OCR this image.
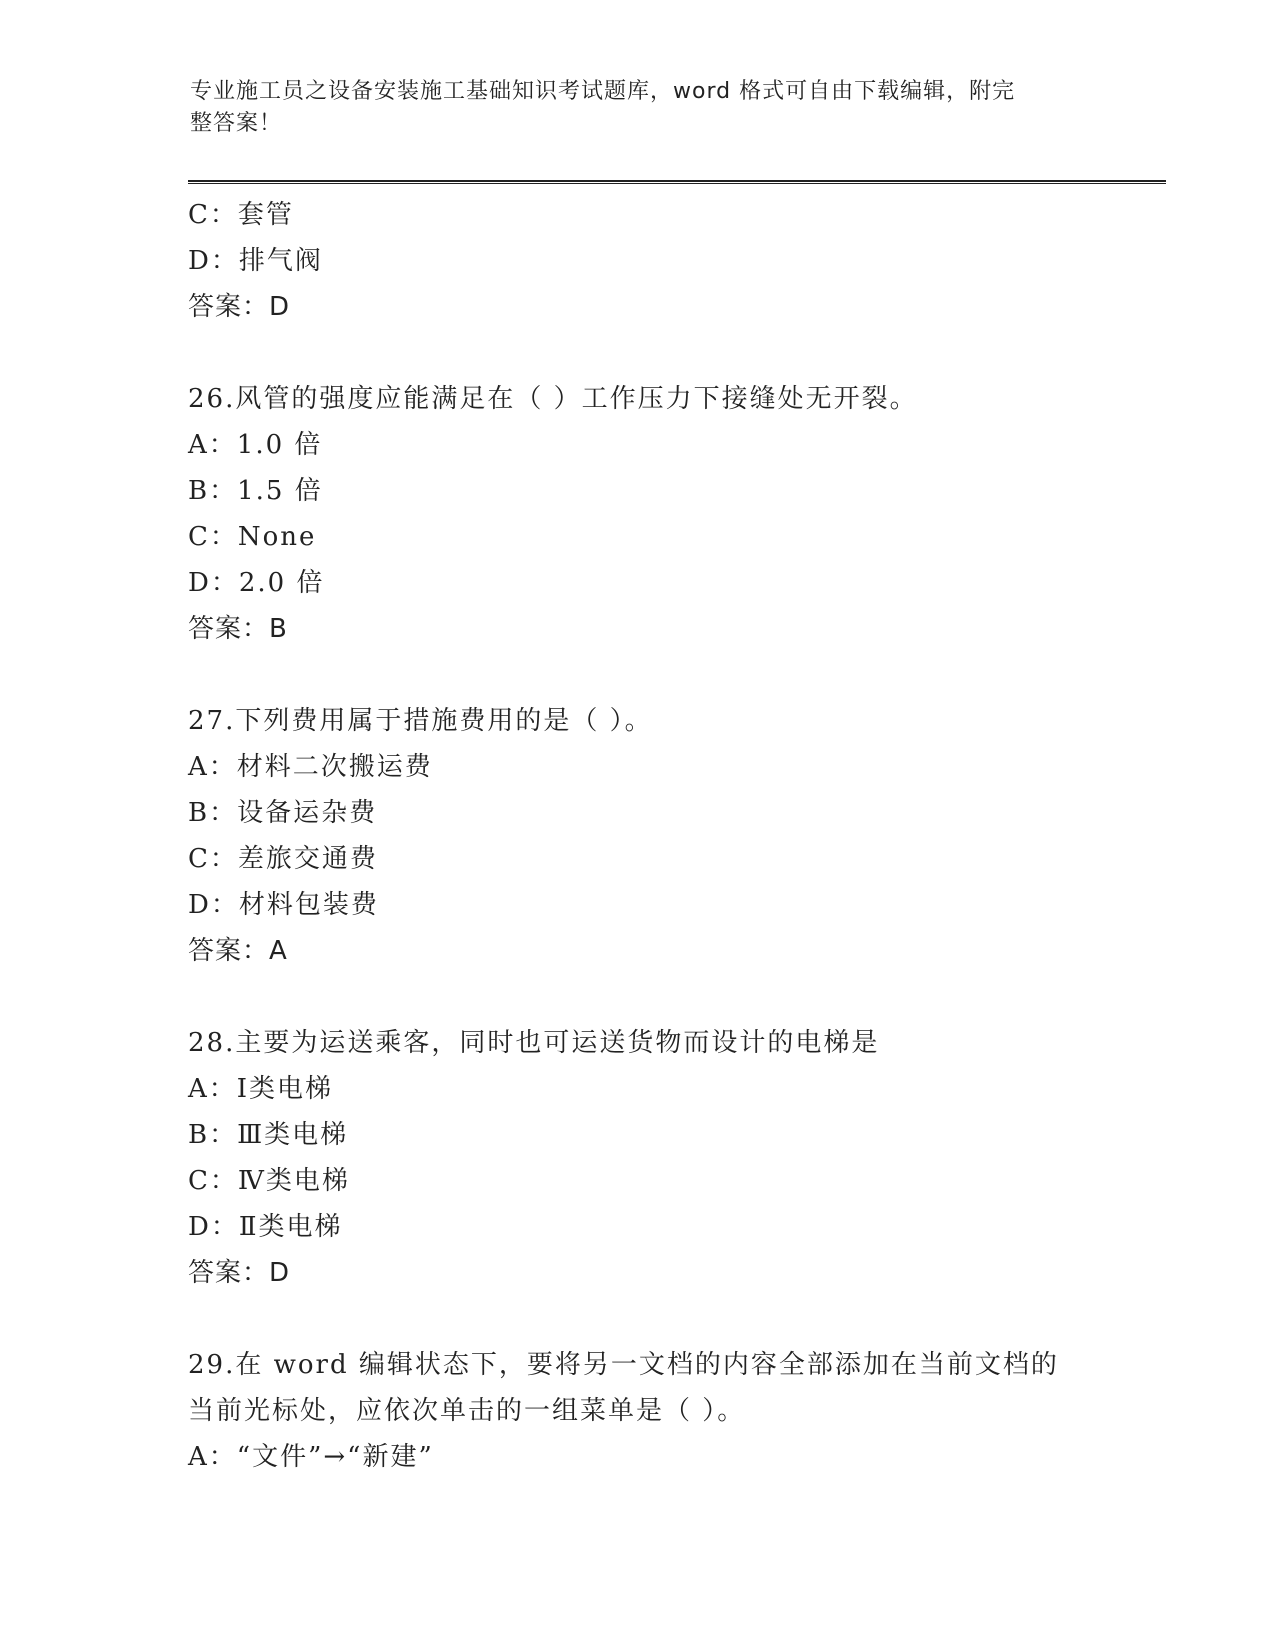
专业施工员之设备安装施工基础知识考试题库，word 格式可自由下载编辑，附完
整答案！
C：套管
D：排气阀
答案：D
26.风管的强度应能满足在（ ）工作压力下接缝处无开裂。
A：1.0 倍
B：1.5 倍
C：None
D：2.0 倍
答案：B
27.下列费用属于措施费用的是（ ）。
A：材料二次搬运费
B：设备运杂费
C：差旅交通费
D：材料包装费
答案：A
28.主要为运送乘客，同时也可运送货物而设计的电梯是
A：Ⅰ类电梯
B：Ⅲ类电梯
C：Ⅳ类电梯
D：Ⅱ类电梯
答案：D
29.在 word 编辑状态下，要将另一文档的内容全部添加在当前文档的
当前光标处，应依次单击的一组菜单是（ ）。
A：“文件”→“新建”
